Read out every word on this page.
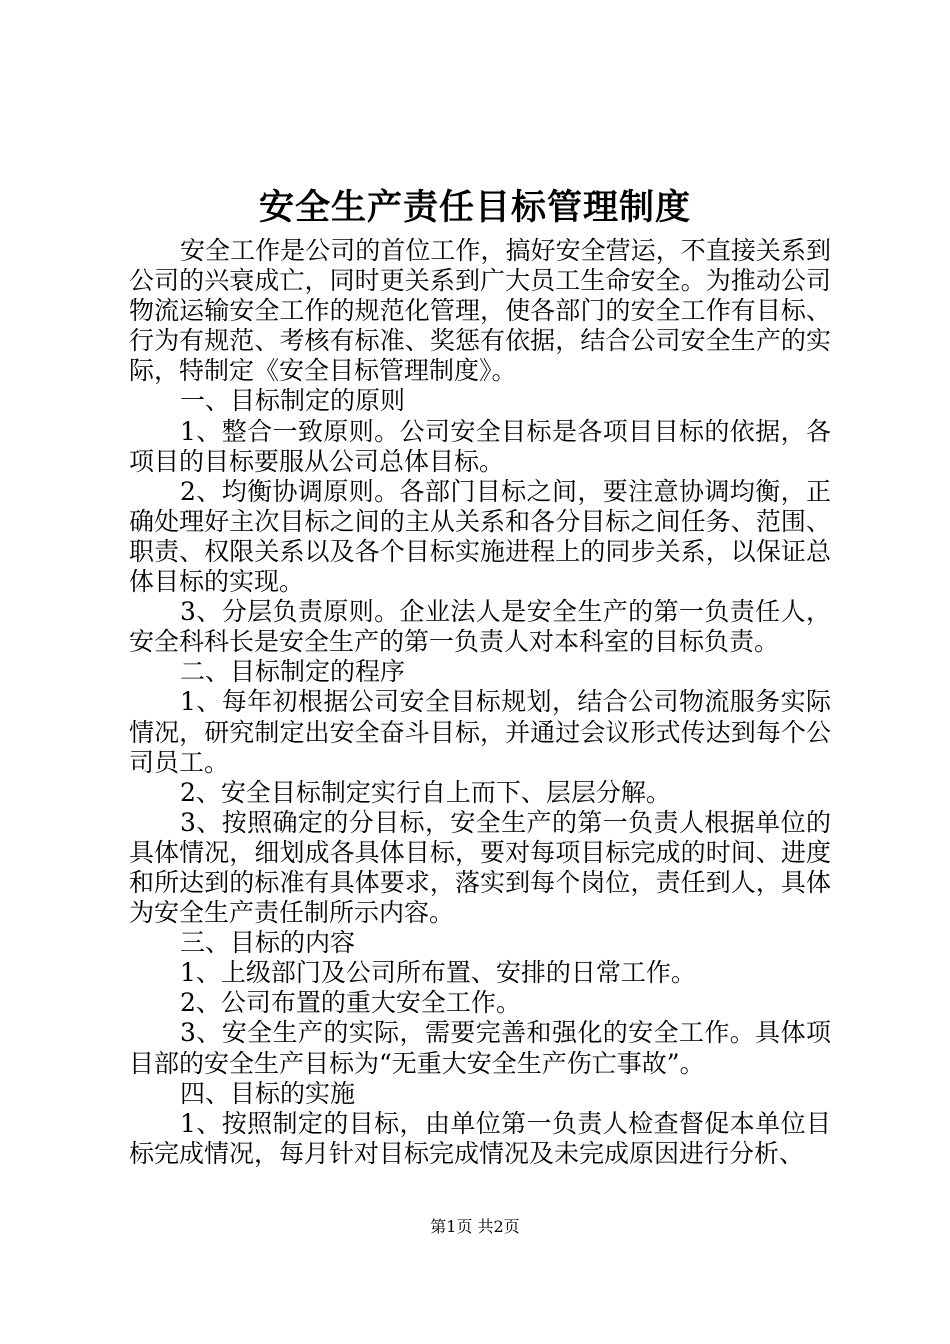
安全生产责任目标管理制度

安全工作是公司的首位工作，搞好安全营运，不直接关系到公司的兴衰成亡，同时更关系到广大员工生命安全。为推动公司物流运输安全工作的规范化管理，使各部门的安全工作有目标、行为有规范、考核有标准、奖惩有依据，结合公司安全生产的实际，特制定《安全目标管理制度》。

一、目标制定的原则

1、整合一致原则。公司安全目标是各项目目标的依据，各项目的目标要服从公司总体目标。

2、均衡协调原则。各部门目标之间，要注意协调均衡，正确处理好主次目标之间的主从关系和各分目标之间任务、范围、职责、权限关系以及各个目标实施进程上的同步关系，以保证总体目标的实现。

3、分层负责原则。企业法人是安全生产的第一负责任人，安全科科长是安全生产的第一负责人对本科室的目标负责。

二、目标制定的程序

1、每年初根据公司安全目标规划，结合公司物流服务实际情况，研究制定出安全奋斗目标，并通过会议形式传达到每个公司员工。

2、安全目标制定实行自上而下、层层分解。

3、按照确定的分目标，安全生产的第一负责人根据单位的具体情况，细划成各具体目标，要对每项目标完成的时间、进度和所达到的标准有具体要求，落实到每个岗位，责任到人，具体为安全生产责任制所示内容。

三、目标的内容

1、上级部门及公司所布置、安排的日常工作。

2、公司布置的重大安全工作。

3、安全生产的实际，需要完善和强化的安全工作。具体项目部的安全生产目标为“无重大安全生产伤亡事故”。

四、目标的实施

1、按照制定的目标，由单位第一负责人检查督促本单位目标完成情况，每月针对目标完成情况及未完成原因进行分析、

第1页 共2页
